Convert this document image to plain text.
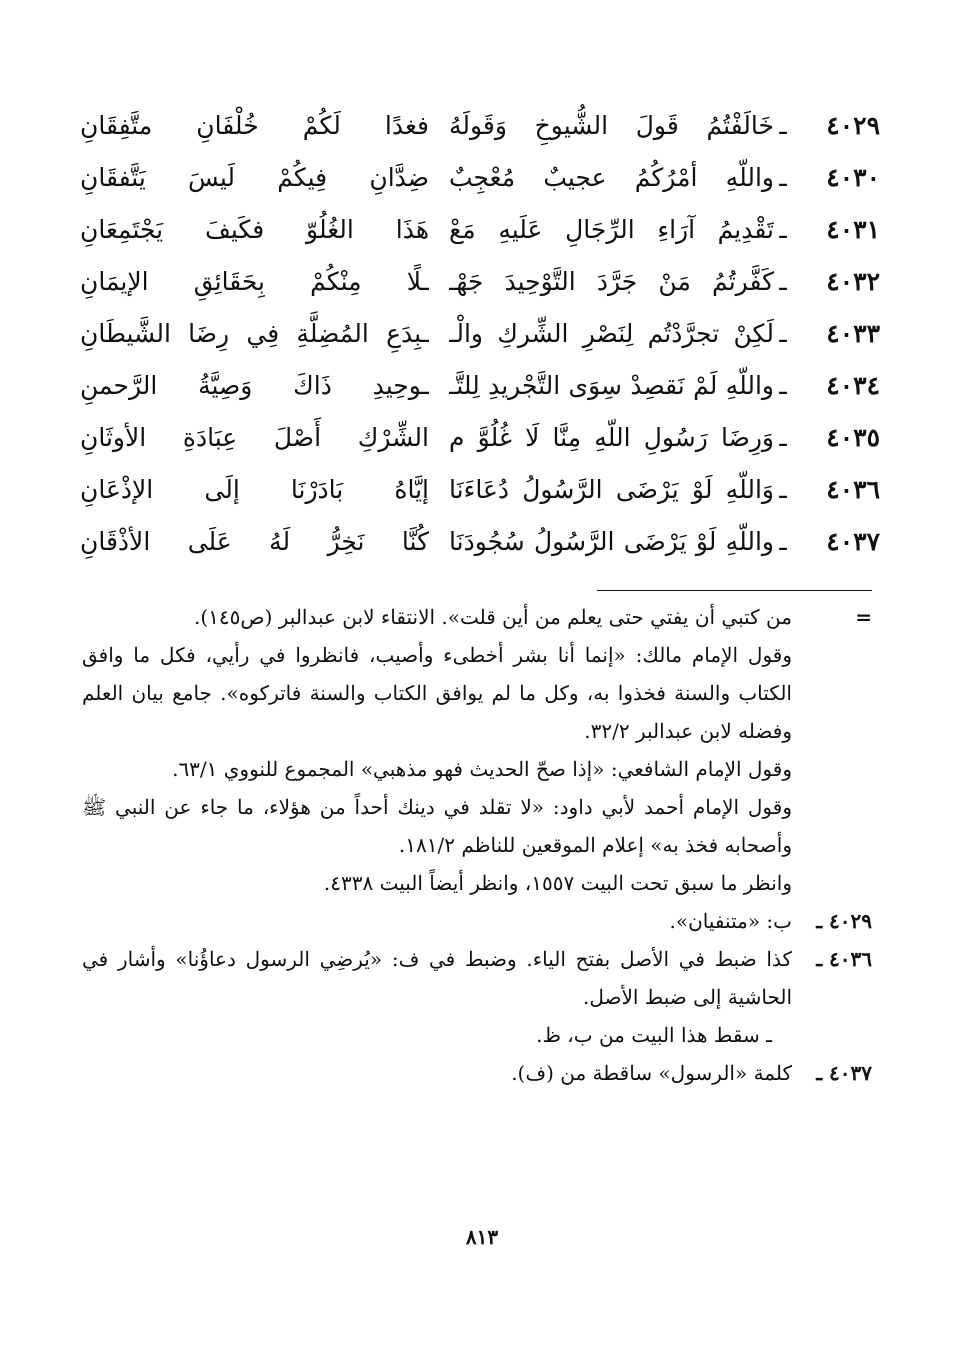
٤٠٢٩
ـ
خَالَفْتُمُ قَولَ الشُّيوخِ وَقَولَهُ
فغدًا لَكُمْ خُلْفَانِ متَّفِقَانِ
٤٠٣٠
ـ
واللّهِ أمْرُكُمُ عجيبٌ مُعْجِبٌ
ضِدَّانِ فِيكُمْ لَيسَ يَتَّفقَانِ
٤٠٣١
ـ
تَقْدِيمُ آرَاءِ الرِّجَالِ عَلَيهِ مَعْ
هَذَا الغُلُوّ فكَيفَ يَجْتَمِعَانِ
٤٠٣٢
ـ
كَفَّرتُمُ مَنْ جَرَّدَ التَّوْحِيدَ جَهْـ
ـلًا مِنْكُمْ بِحَقَائِقِ الإيمَانِ
٤٠٣٣
ـ
لَكِنْ تجرَّدْتُم لِنَصْرِ الشِّركِ والْـ
ـبِدَعِ المُضِلَّةِ فِي رِضَا الشَّيطَانِ
٤٠٣٤
ـ
واللّهِ لَمْ نَقصِدْ سِوَى التَّجْريدِ لِلتَّـ
ـوحِيدِ ذَاكَ وَصِيَّةُ الرَّحمنِ
٤٠٣٥
ـ
وَرِضَا رَسُولِ اللّهِ مِنَّا لَا غُلُوَّ م
الشِّرْكِ أَصْلَ عِبَادَةِ الأوثَانِ
٤٠٣٦
ـ
وَاللّهِ لَوْ يَرْضَى الرَّسُولُ دُعَاءَنَا
إيَّاهُ بَادَرْنَا إلَى الإذْعَانِ
٤٠٣٧
ـ
واللّهِ لَوْ يَرْضَى الرَّسُولُ سُجُودَنَا
كُنَّا نَخِرُّ لَهُ عَلَى الأذْقَانِ
=
من كتبي أن يفتي حتى يعلم من أين قلت». الانتقاء لابن عبدالبر (ص١٤٥).
وقول الإمام مالك: «إنما أنا بشر أخطىء وأصيب، فانظروا في رأيي، فكل ما وافق الكتاب والسنة فخذوا به، وكل ما لم يوافق الكتاب والسنة فاتركوه». جامع بيان العلم وفضله لابن عبدالبر ٣٢/٢.
وقول الإمام الشافعي: «إذا صحّ الحديث فهو مذهبي» المجموع للنووي ٦٣/١.
وقول الإمام أحمد لأبي داود: «لا تقلد في دينك أحداً من هؤلاء، ما جاء عن النبي ﷺ وأصحابه فخذ به» إعلام الموقعين للناظم ١٨١/٢.
وانظر ما سبق تحت البيت ١٥٥٧، وانظر أيضاً البيت ٤٣٣٨.
٤٠٢٩ ـ
ب: «متنفيان».
٤٠٣٦ ـ
كذا ضبط في الأصل بفتح الياء. وضبط في ف: «يُرضِي الرسول دعاؤُنا» وأشار في الحاشية إلى ضبط الأصل.
ـ سقط هذا البيت من ب، ظ.
٤٠٣٧ ـ
كلمة «الرسول» ساقطة من (ف).
٨١٣
